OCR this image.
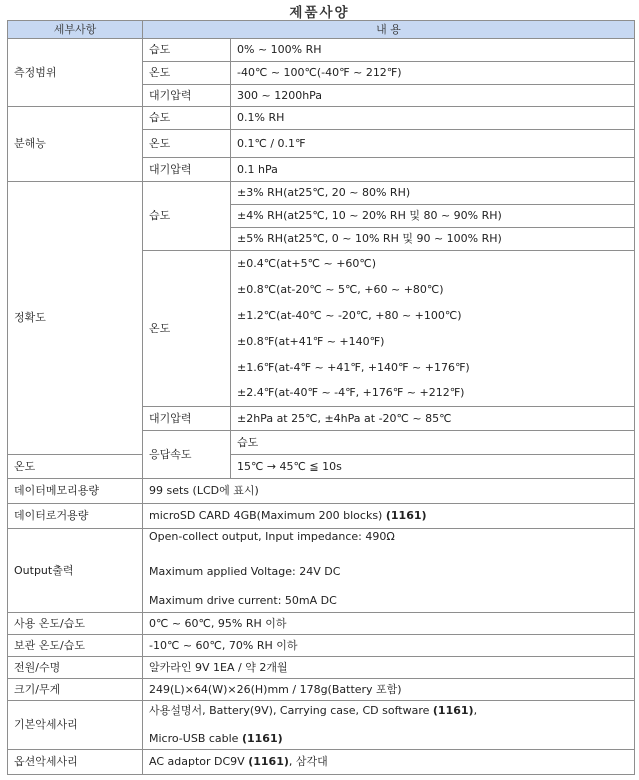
제품사양
세부사항	내 용		
측정범위	습도	0% ~ 100% RH	
	온도	-40℃ ~ 100℃(-40℉ ~ 212℉)	
	대기압력	300 ~ 1200hPa	
분해능	습도	0.1% RH	
	온도	0.1℃ / 0.1℉	
	대기압력	0.1 hPa	
정확도	습도	±3% RH(at25℃, 20 ~ 80% RH)	
		±4% RH(at25℃, 10 ~ 20% RH 및 80 ~ 90% RH)	
		±5% RH(at25℃, 0 ~ 10% RH 및 90 ~ 100% RH)	
	온도	±0.4℃(at+5℃ ~ +60℃)	
		±0.8℃(at-20℃ ~ 5℃, +60 ~ +80℃)	
		±1.2℃(at-40℃ ~ -20℃, +80 ~ +100℃)	
		±0.8℉(at+41℉ ~ +140℉)	
		±1.6℉(at-4℉ ~ +41℉, +140℉ ~ +176℉)	
		±2.4℉(at-40℉ ~ -4℉, +176℉ ~ +212℉)	
	대기압력	±2hPa at 25℃, ±4hPa at -20℃ ~ 85℃	
	응답속도	습도	
온도		15℃ → 45℃ ≦ 10s	
데이터메모리용량	99 sets (LCD에 표시)		
데이터로거용량	microSD CARD 4GB(Maximum 200 blocks) (1161)		
Output출력	Open-collect output, Input impedance: 490Ω
Maximum applied Voltage: 24V DC
Maximum drive current: 50mA DC		

사용 온도/습도	0℃ ~ 60℃, 95% RH 이하		
보관 온도/습도	-10℃ ~ 60℃, 70% RH 이하		
전원/수명	알카라인 9V 1EA / 약 2개월		
크기/무게	249(L)×64(W)×26(H)mm / 178g(Battery 포함)		
기본악세사리	사용설명서, Battery(9V), Carrying case, CD software (1161),
Micro-USB cable (1161)		

옵션악세사리	AC adaptor DC9V (1161), 삼각대		
